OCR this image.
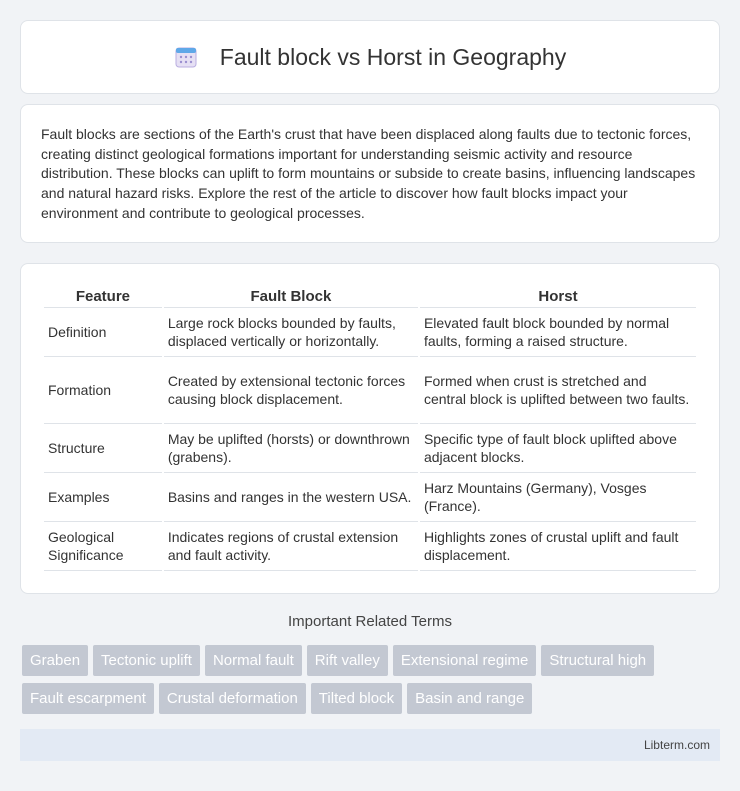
Fault block vs Horst in Geography

Fault blocks are sections of the Earth's crust that have been displaced along faults due to tectonic forces, creating distinct geological formations important for understanding seismic activity and resource distribution. These blocks can uplift to form mountains or subside to create basins, influencing landscapes and natural hazard risks. Explore the rest of the article to discover how fault blocks impact your environment and contribute to geological processes.

Feature	Fault Block	Horst
Definition	Large rock blocks bounded by faults, displaced vertically or horizontally.	Elevated fault block bounded by normal faults, forming a raised structure.
Formation	Created by extensional tectonic forces causing block displacement.	Formed when crust is stretched and central block is uplifted between two faults.
Structure	May be uplifted (horsts) or downthrown (grabens).	Specific type of fault block uplifted above adjacent blocks.
Examples	Basins and ranges in the western USA.	Harz Mountains (Germany), Vosges (France).
Geological Significance	Indicates regions of crustal extension and fault activity.	Highlights zones of crustal uplift and fault displacement.
Important Related Terms
Graben	Tectonic uplift	Normal fault	Rift valley	Extensional regime	Structural high
Fault escarpment	Crustal deformation	Tilted block	Basin and range
Libterm.com
